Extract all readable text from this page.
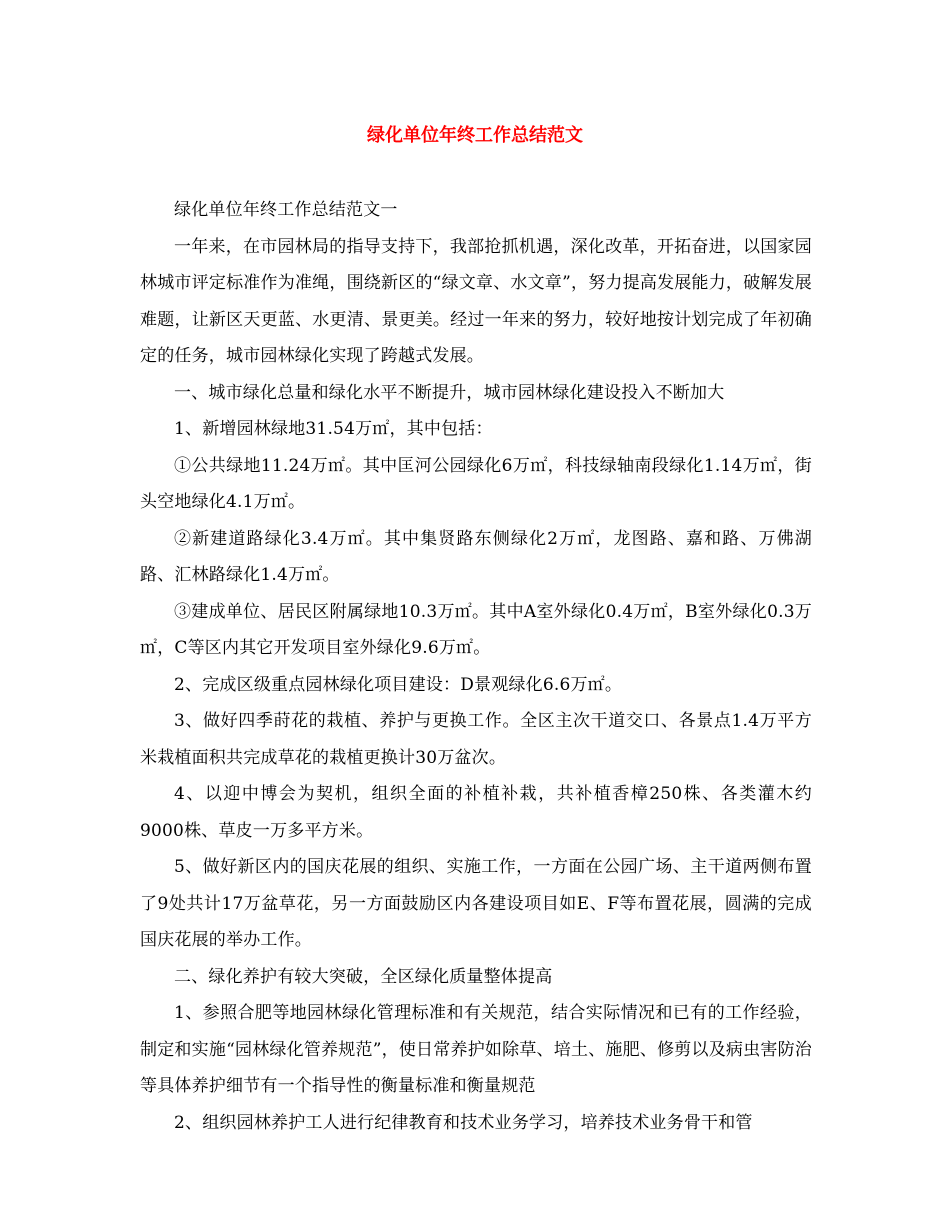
绿化单位年终工作总结范文

绿化单位年终工作总结范文一

一年来，在市园林局的指导支持下，我部抢抓机遇，深化改革，开拓奋进，以国家园林城市评定标准作为准绳，围绕新区的“绿文章、水文章”，努力提高发展能力，破解发展难题，让新区天更蓝、水更清、景更美。经过一年来的努力，较好地按计划完成了年初确定的任务，城市园林绿化实现了跨越式发展。

一、城市绿化总量和绿化水平不断提升，城市园林绿化建设投入不断加大

1、新增园林绿地31.54万㎡，其中包括：

①公共绿地11.24万㎡。其中匡河公园绿化6万㎡，科技绿轴南段绿化1.14万㎡，街头空地绿化4.1万㎡。

②新建道路绿化3.4万㎡。其中集贤路东侧绿化2万㎡，龙图路、嘉和路、万佛湖路、汇林路绿化1.4万㎡。

③建成单位、居民区附属绿地10.3万㎡。其中A室外绿化0.4万㎡，B室外绿化0.3万㎡，C等区内其它开发项目室外绿化9.6万㎡。

2、完成区级重点园林绿化项目建设：D景观绿化6.6万㎡。

3、做好四季莳花的栽植、养护与更换工作。全区主次干道交口、各景点1.4万平方米栽植面积共完成草花的栽植更换计30万盆次。

4、以迎中博会为契机，组织全面的补植补栽，共补植香樟250株、各类灌木约9000株、草皮一万多平方米。

5、做好新区内的国庆花展的组织、实施工作，一方面在公园广场、主干道两侧布置了9处共计17万盆草花，另一方面鼓励区内各建设项目如E、F等布置花展，圆满的完成国庆花展的举办工作。

二、绿化养护有较大突破，全区绿化质量整体提高

1、参照合肥等地园林绿化管理标准和有关规范，结合实际情况和已有的工作经验，制定和实施“园林绿化管养规范”，使日常养护如除草、培土、施肥、修剪以及病虫害防治等具体养护细节有一个指导性的衡量标准和衡量规范

2、组织园林养护工人进行纪律教育和技术业务学习，培养技术业务骨干和管
